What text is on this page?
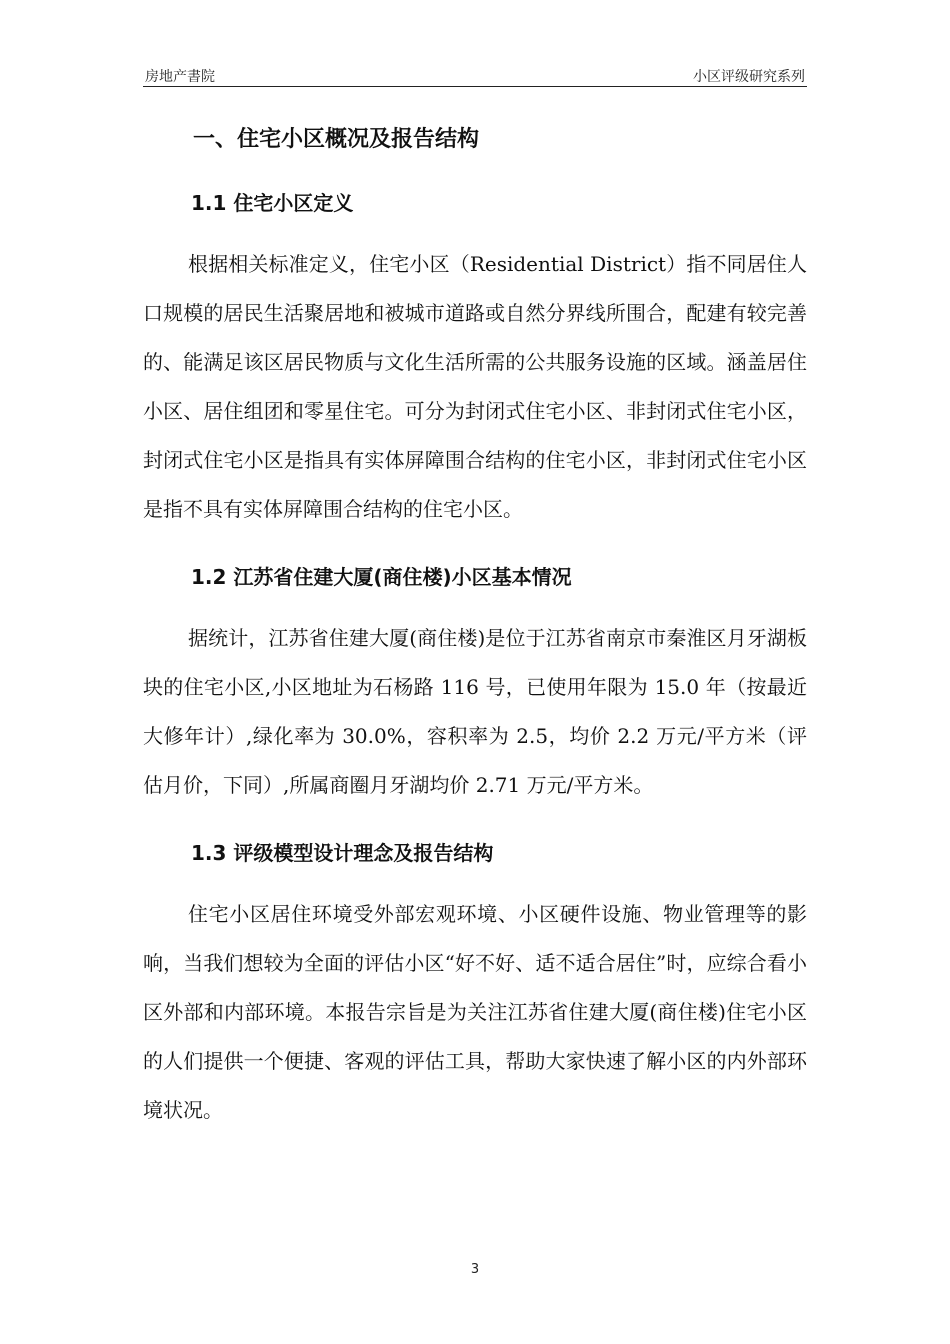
房地产書院	小区评级研究系列
一、住宅小区概况及报告结构
1.1 住宅小区定义

根据相关标准定义，住宅小区（Residential District）指不同居住人口规模的居民生活聚居地和被城市道路或自然分界线所围合，配建有较完善的、能满足该区居民物质与文化生活所需的公共服务设施的区域。涵盖居住小区、居住组团和零星住宅。可分为封闭式住宅小区、非封闭式住宅小区，封闭式住宅小区是指具有实体屏障围合结构的住宅小区，非封闭式住宅小区是指不具有实体屏障围合结构的住宅小区。

1.2 江苏省住建大厦(商住楼)小区基本情况

据统计，江苏省住建大厦(商住楼)是位于江苏省南京市秦淮区月牙湖板块的住宅小区,小区地址为石杨路 116 号，已使用年限为 15.0 年（按最近大修年计）,绿化率为 30.0%，容积率为 2.5，均价 2.2 万元/平方米（评估月价，下同）,所属商圈月牙湖均价 2.71 万元/平方米。

1.3 评级模型设计理念及报告结构

住宅小区居住环境受外部宏观环境、小区硬件设施、物业管理等的影响，当我们想较为全面的评估小区“好不好、适不适合居住”时，应综合看小区外部和内部环境。本报告宗旨是为关注江苏省住建大厦(商住楼)住宅小区的人们提供一个便捷、客观的评估工具，帮助大家快速了解小区的内外部环境状况。

3
